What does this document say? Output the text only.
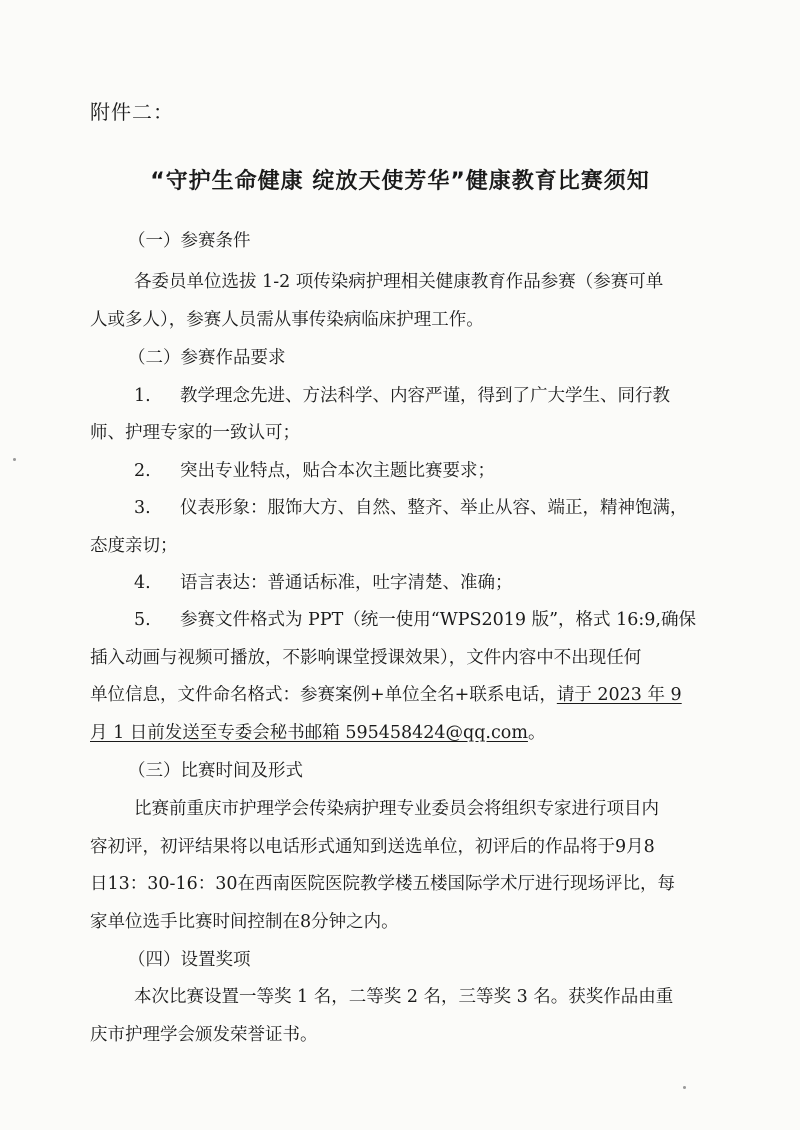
附件二：
“守护生命健康 绽放天使芳华”健康教育比赛须知
（一）参赛条件
各委员单位选拔 1-2 项传染病护理相关健康教育作品参赛（参赛可单
人或多人），参赛人员需从事传染病临床护理工作。
（二）参赛作品要求
1. 教学理念先进、方法科学、内容严谨，得到了广大学生、同行教
师、护理专家的一致认可；
2. 突出专业特点，贴合本次主题比赛要求；
3. 仪表形象：服饰大方、自然、整齐、举止从容、端正，精神饱满，
态度亲切；
4. 语言表达：普通话标准，吐字清楚、准确；
5. 参赛文件格式为 PPT（统一使用“WPS2019 版”，格式 16:9,确保
插入动画与视频可播放，不影响课堂授课效果），文件内容中不出现任何
单位信息，文件命名格式：参赛案例+单位全名+联系电话，请于 2023 年 9
月 1 日前发送至专委会秘书邮箱 595458424@qq.com。
（三）比赛时间及形式
比赛前重庆市护理学会传染病护理专业委员会将组织专家进行项目内
容初评，初评结果将以电话形式通知到送选单位，初评后的作品将于9月8
日13：30-16：30在西南医院医院教学楼五楼国际学术厅进行现场评比，每
家单位选手比赛时间控制在8分钟之内。
（四）设置奖项
本次比赛设置一等奖 1 名，二等奖 2 名，三等奖 3 名。获奖作品由重
庆市护理学会颁发荣誉证书。
